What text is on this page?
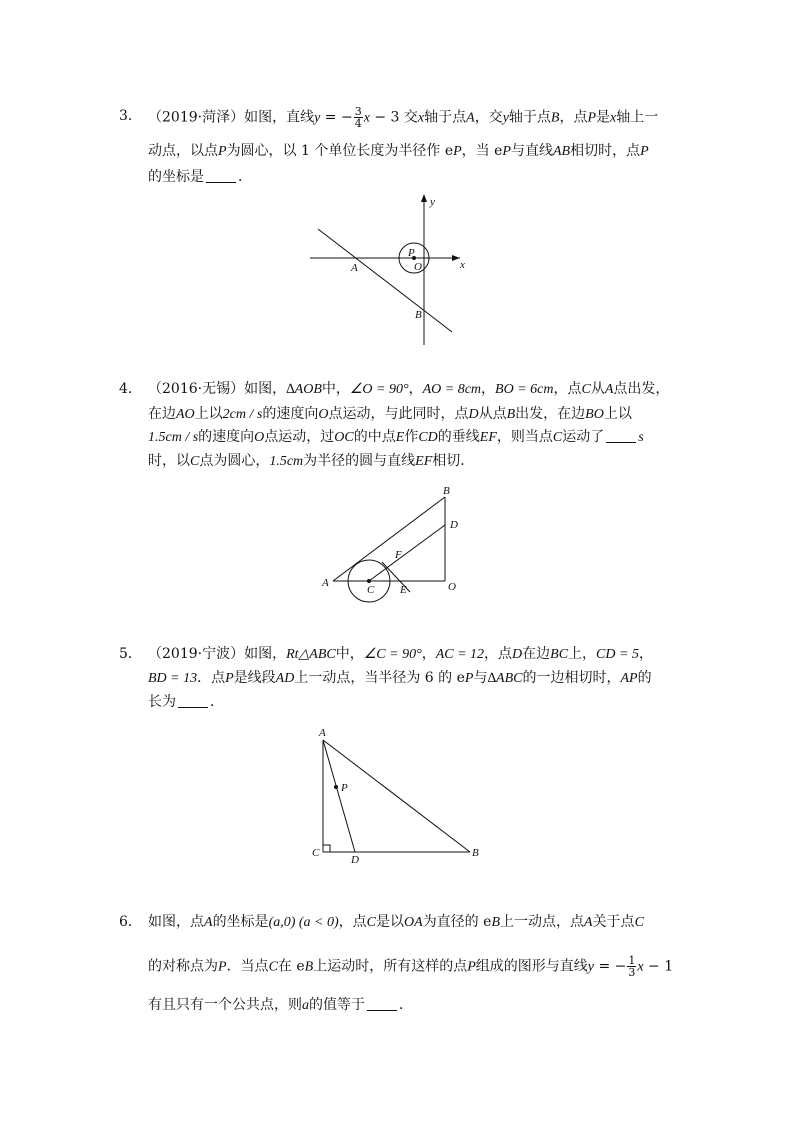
3． （2019·菏泽）如图，直线y = − $\frac{3}{4}$ x − 3 交x轴于点A，交y轴于点B，点P是x轴上一
动点，以点P为圆心，以 1 个单位长度为半径作 eP，当 eP与直线AB相切时，点P
的坐标是 ．
y
x
P
O
A
B
4． （2016·无锡）如图，∆AOB中，∠O = 90°，AO = 8cm，BO = 6cm，点C从A点出发，
在边AO上以2cm / s的速度向O点运动，与此同时，点D从点B出发，在边BO上以
1.5cm / s的速度向O点运动，过OC的中点E作CD的垂线EF，则当点C运动了 s
时，以C点为圆心，1.5cm为半径的圆与直线EF相切．
B
D
F
A
C E	O
5． （2019·宁波）如图，Rt△ABC中，∠C = 90°，AC = 12，点D在边BC上，CD = 5，
BD = 13．点P是线段AD上一动点，当半径为 6 的 eP与∆ABC的一边相切时，AP的
长为 ．
A
P
C
D
B
6． 如图，点A的坐标是(a,0) (a < 0)，点C是以OA为直径的 eB上一动点，点A关于点C
的对称点为P．当点C在 eB上运动时，所有这样的点P组成的图形与直线y = − $\frac{1}{3}$ x − 1
有且只有一个公共点，则a的值等于 ．
